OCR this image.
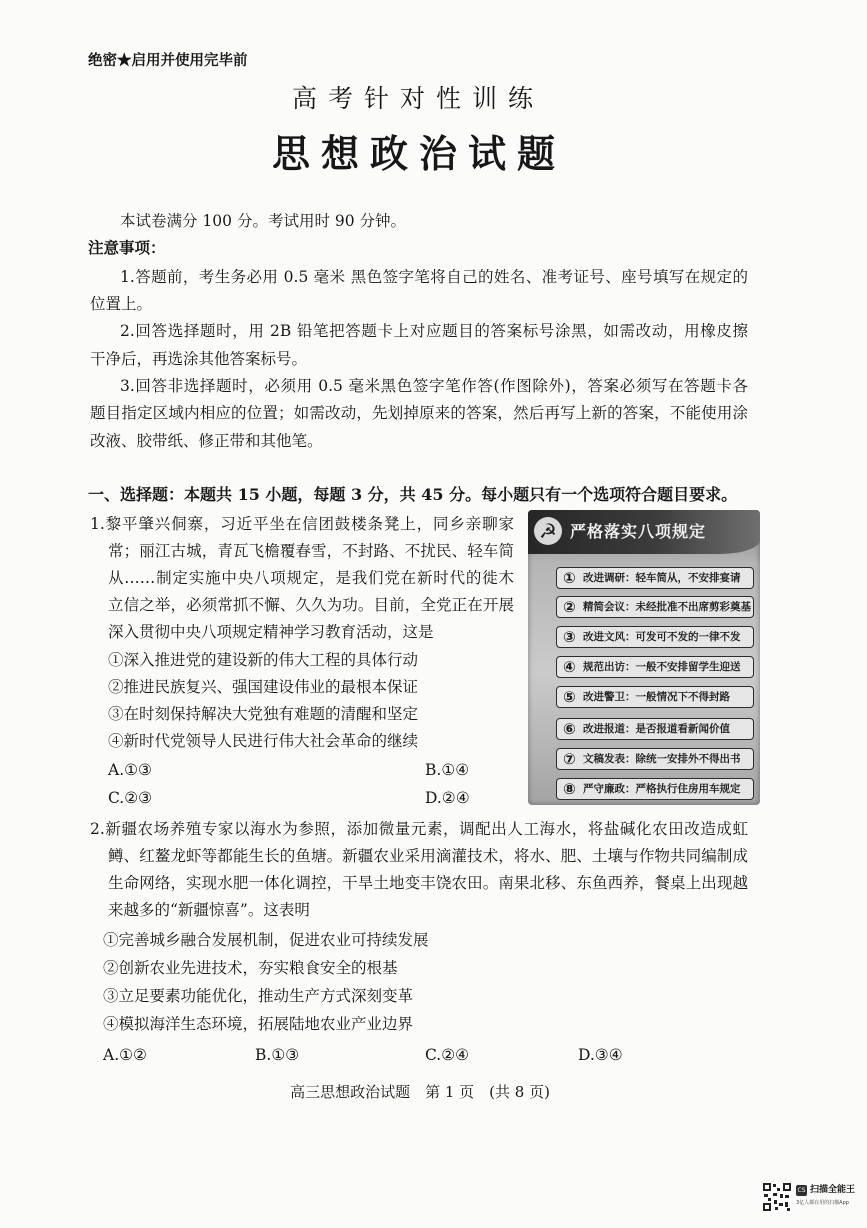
绝密★启用并使用完毕前
高考针对性训练
思想政治试题
本试卷满分 100 分。考试用时 90 分钟。
注意事项：
1.答题前，考生务必用 0.5 毫米 黑色签字笔将自己的姓名、准考证号、座号填写在规定的
位置上。
2.回答选择题时，用 2B 铅笔把答题卡上对应题目的答案标号涂黑，如需改动，用橡皮擦
干净后，再选涂其他答案标号。
3.回答非选择题时，必须用 0.5 毫米黑色签字笔作答(作图除外)，答案必须写在答题卡各
题目指定区域内相应的位置；如需改动，先划掉原来的答案，然后再写上新的答案，不能使用涂
改液、胶带纸、修正带和其他笔。
一、选择题：本题共 15 小题，每题 3 分，共 45 分。每小题只有一个选项符合题目要求。
1.黎平肇兴侗寨，习近平坐在信团鼓楼条凳上，同乡亲聊家
常；丽江古城，青瓦飞檐覆春雪，不封路、不扰民、轻车简
从……制定实施中央八项规定，是我们党在新时代的徙木
立信之举，必须常抓不懈、久久为功。目前，全党正在开展
深入贯彻中央八项规定精神学习教育活动，这是
①深入推进党的建设新的伟大工程的具体行动
②推进民族复兴、强国建设伟业的最根本保证
③在时刻保持解决大党独有难题的清醒和坚定
④新时代党领导人民进行伟大社会革命的继续
A.①③	B.①④
C.②③	D.②④
☭ 严格落实八项规定
① 改进调研：轻车简从，不安排宴请
② 精简会议：未经批准不出席剪彩奠基
③ 改进文风：可发可不发的一律不发
④ 规范出访：一般不安排留学生迎送
⑤ 改进警卫：一般情况下不得封路
⑥ 改进报道：是否报道看新闻价值
⑦ 文稿发表：除统一安排外不得出书
⑧ 严守廉政：严格执行住房用车规定
2.新疆农场养殖专家以海水为参照，添加微量元素，调配出人工海水，将盐碱化农田改造成虹
鳟、红鳌龙虾等都能生长的鱼塘。新疆农业采用滴灌技术，将水、肥、土壤与作物共同编制成
生命网络，实现水肥一体化调控，干旱土地变丰饶农田。南果北移、东鱼西养，餐桌上出现越
来越多的“新疆惊喜”。这表明
①完善城乡融合发展机制，促进农业可持续发展
②创新农业先进技术，夯实粮食安全的根基
③立足要素功能优化，推动生产方式深刻变革
④模拟海洋生态环境，拓展陆地农业产业边界
A.①②	B.①③	C.②④	D.③④
高三思想政治试题　第 1 页　(共 8 页)
CS 扫描全能王
3亿人都在用的扫描App
